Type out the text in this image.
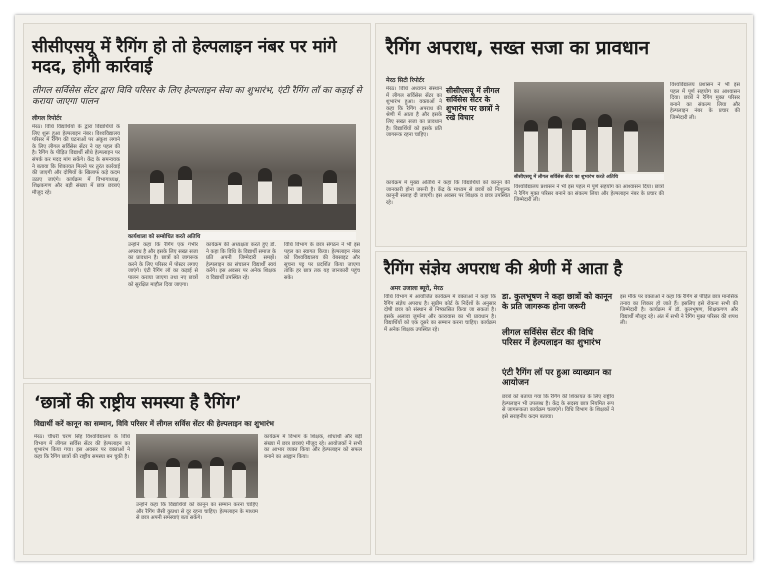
सीसीएसयू में रैगिंग हो तो हेल्पलाइन नंबर पर मांगे मदद, होगी कार्रवाई

लीगल सर्विसेस सेंटर द्वारा विवि परिसर के लिए हेल्पलाइन सेवा का शुभारंभ, एंटी रैगिंग लॉ का कड़ाई से कराया जाएगा पालन

लीगल रिपोर्टर
मेरठ। विधि विद्यार्थियों के द्वारा विद्यार्थियों के लिए शुरू हुआ हेल्पलाइन नंबर। विश्वविद्यालय परिसर में रैगिंग की घटनाओं पर अंकुश लगाने के लिए लीगल सर्विसेस सेंटर ने यह पहल की है। रैगिंग के पीड़ित विद्यार्थी सीधे हेल्पलाइन पर संपर्क कर मदद मांग सकेंगे। केंद्र के समन्वयक ने बताया कि शिकायत मिलने पर तुरंत कार्रवाई की जाएगी और दोषियों के खिलाफ कड़े कदम उठाए जाएंगे। कार्यक्रम में विभागाध्यक्ष, शिक्षकगण और बड़ी संख्या में छात्र छात्राएं मौजूद रहे।
कार्यशाला को सम्बोधित करते अतिथि
उन्होंने कहा कि रैगिंग एक गंभीर अपराध है और इसके लिए सख्त सजा का प्रावधान है। छात्रों को जागरूक करने के लिए परिसर में पोस्टर लगाए जाएंगे। एंटी रैगिंग लॉ का कड़ाई से पालन कराया जाएगा तथा नए छात्रों को सुरक्षित माहौल दिया जाएगा।
कार्यक्रम की अध्यक्षता करते हुए डॉ. ने कहा कि विधि के विद्यार्थी समाज के प्रति अपनी जिम्मेदारी समझें। हेल्पलाइन का संचालन विद्यार्थी स्वयं करेंगे। इस अवसर पर अनेक शिक्षक व विद्यार्थी उपस्थित रहे।
विधि विभाग के छात्र संगठन ने भी इस पहल का स्वागत किया। हेल्पलाइन नंबर को विश्वविद्यालय की वेबसाइट और सूचना पट्ट पर प्रदर्शित किया जाएगा ताकि हर छात्र तक यह जानकारी पहुंच सके।
रैगिंग अपराध, सख्त सजा का प्रावधान
मेरठ सिटी रिपोर्टर
मेरठ। विधि अध्ययन संस्थान में लीगल सर्विसेस सेंटर का शुभारंभ हुआ। वक्ताओं ने कहा कि रैगिंग अपराध की श्रेणी में आता है और इसके लिए सख्त सजा का प्रावधान है। विद्यार्थियों को इसके प्रति जागरूक रहना चाहिए।
सीसीएसयू में लीगल सर्विसेस सेंटर के शुभारंभ पर छात्रों ने रखे विचार
सीसीएसयू में लीगल सर्विसेस सेंटर का शुभारंभ करते अतिथि
कार्यक्रम में मुख्य अतिथि ने कहा कि विद्यार्थियों को कानून की जानकारी होना जरूरी है। केंद्र के माध्यम से छात्रों को निःशुल्क कानूनी सलाह दी जाएगी। इस अवसर पर शिक्षक व छात्र उपस्थित रहे।
विश्वविद्यालय प्रशासन ने भी इस पहल में पूर्ण सहयोग का आश्वासन दिया। छात्रों ने रैगिंग मुक्त परिसर बनाने का संकल्प लिया और हेल्पलाइन नंबर के प्रचार की जिम्मेदारी ली।
विश्वविद्यालय प्रशासन ने भी इस पहल में पूर्ण सहयोग का आश्वासन दिया। छात्रों ने रैगिंग मुक्त परिसर बनाने का संकल्प लिया और हेल्पलाइन नंबर के प्रचार की जिम्मेदारी ली।
रैगिंग संज्ञेय अपराध की श्रेणी में आता है
अमर उजाला ब्यूरो, मेरठ
विधि विभाग में आयोजित कार्यक्रम में वक्ताओं ने कहा कि रैगिंग संज्ञेय अपराध है। सुप्रीम कोर्ट के निर्देशों के अनुसार दोषी छात्र को संस्थान से निष्कासित किया जा सकता है। इसके अलावा जुर्माना और कारावास का भी प्रावधान है। विद्यार्थियों को एक दूसरे का सम्मान करना चाहिए। कार्यक्रम में अनेक शिक्षक उपस्थित रहे।
डा. कुलभूषण ने कहा छात्रों को कानून के प्रति जागरूक होना जरूरी
लीगल सर्विसेस सेंटर की विधि परिसर में हेल्पलाइन का शुभारंभ
एंटी रैगिंग लॉ पर हुआ व्याख्यान का आयोजन
छात्रों को बताया गया कि रैगिंग की शिकायत के लिए राष्ट्रीय हेल्पलाइन भी उपलब्ध है। केंद्र के सदस्य छात्र नियमित रूप से जागरूकता कार्यक्रम चलाएंगे। विधि विभाग के शिक्षकों ने इसे सराहनीय कदम बताया।
इस मौके पर वक्ताओं ने कहा कि रैगिंग से पीड़ित छात्र मानसिक तनाव का शिकार हो जाते हैं। इसलिए इसे रोकना सभी की जिम्मेदारी है। कार्यक्रम में डॉ. कुलभूषण, शिक्षकगण और विद्यार्थी मौजूद रहे। अंत में सभी ने रैगिंग मुक्त परिसर की शपथ ली।
‘छात्रों की राष्ट्रीय समस्या है रैगिंग’

विद्यार्थी करें कानून का सम्मान, विवि परिसर में लीगल सर्विस सेंटर की हेल्पलाइन का शुभारंभ

मेरठ। चौधरी चरण सिंह विश्वविद्यालय के विधि विभाग में लीगल सर्विस सेंटर की हेल्पलाइन का शुभारंभ किया गया। इस अवसर पर वक्ताओं ने कहा कि रैगिंग छात्रों की राष्ट्रीय समस्या बन चुकी है।
उन्होंने कहा कि विद्यार्थियों को कानून का सम्मान करना चाहिए और रैगिंग जैसी कुप्रथा से दूर रहना चाहिए। हेल्पलाइन के माध्यम से छात्र अपनी समस्याएं बता सकेंगे।
कार्यक्रम में विभाग के शिक्षक, शोधार्थी और बड़ी संख्या में छात्र छात्राएं मौजूद रहे। आयोजकों ने सभी का आभार व्यक्त किया और हेल्पलाइन को सफल बनाने का आह्वान किया।
